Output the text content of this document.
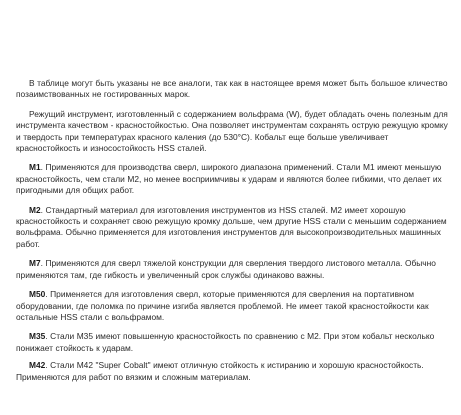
В таблице могут быть указаны не все аналоги, так как в настоящее время может быть большое кличество позаимствованных не гостированных марок.

Режущий инструмент, изготовленный с содержанием вольфрама (W), будет обладать очень полезным для инструмента качеством - красностойкостью. Она позволяет инструментам сохранять острую режущую кромку и твердость при температурах красного каления (до 530°C). Кобальт еще больше увеличивает красностойкость и износостойкость HSS сталей.

M1. Применяются для производства сверл, широкого диапазона применений. Стали M1 имеют меньшую красностойкость, чем стали M2, но менее восприимчивы к ударам и являются более гибкими, что делает их пригодными для общих работ.

M2. Стандартный материал для изготовления инструментов из HSS сталей. M2 имеет хорошую красностойкость и сохраняет свою режущую кромку дольше, чем другие HSS стали с меньшим содержанием вольфрама. Обычно применяется для изготовления инструментов для высокопроизводительных машинных работ.

M7. Применяются для сверл тяжелой конструкции для сверления твердого листового металла. Обычно применяются там, где гибкость и увеличенный срок службы одинаково важны.

M50. Применяется для изготовления сверл, которые применяются для сверления на портативном оборудовании, где поломка по причине изгиба является проблемой. Не имеет такой красностойкости как остальные HSS стали с вольфрамом.

M35. Стали M35 имеют повышенную красностойкость по сравнению с M2. При этом кобальт несколько понижает стойкость к ударам.

M42. Стали M42 "Super Cobalt" имеют отличную стойкость к истиранию и хорошую красностойкость. Применяются для работ по вязким и сложным материалам.
